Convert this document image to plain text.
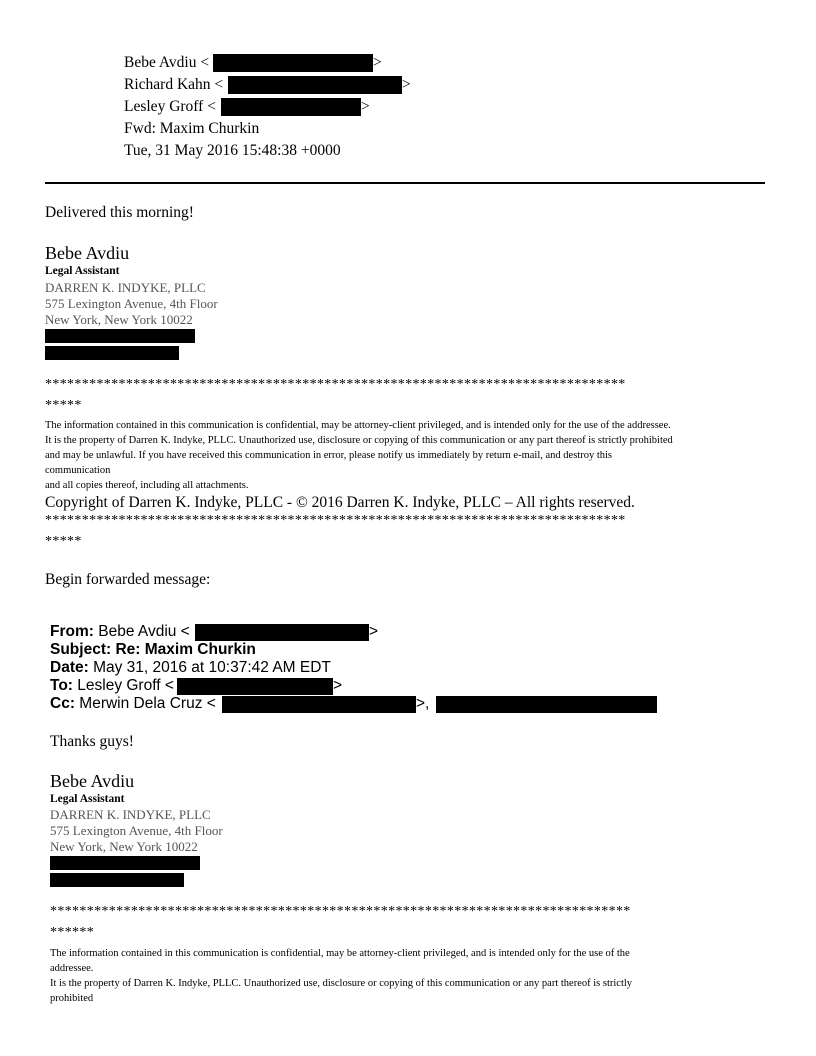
Bebe Avdiu <	>
Richard Kahn <	>
Lesley Groff <	>
Fwd: Maxim Churkin
Tue, 31 May 2016 15:48:38 +0000
Delivered this morning!
Bebe Avdiu
Legal Assistant
DARREN K. INDYKE, PLLC
575 Lexington Avenue, 4th Floor
New York, New York 10022
*******************************************************************************
*****
The information contained in this communication is confidential, may be attorney-client privileged, and is intended only for the use of the addressee.
It is the property of Darren K. Indyke, PLLC. Unauthorized use, disclosure or copying of this communication or any part thereof is strictly prohibited
and may be unlawful. If you have received this communication in error, please notify us immediately by return e-mail, and destroy this
communication
and all copies thereof, including all attachments.
Copyright of Darren K. Indyke, PLLC - © 2016 Darren K. Indyke, PLLC – All rights reserved.
*******************************************************************************
*****
Begin forwarded message:
From: Bebe Avdiu <	>
Subject: Re: Maxim Churkin
Date: May 31, 2016 at 10:37:42 AM EDT
To: Lesley Groff <	>
Cc: Merwin Dela Cruz <	>,
Thanks guys!
Bebe Avdiu
Legal Assistant
DARREN K. INDYKE, PLLC
575 Lexington Avenue, 4th Floor
New York, New York 10022
*******************************************************************************
******
The information contained in this communication is confidential, may be attorney-client privileged, and is intended only for the use of the
addressee.
It is the property of Darren K. Indyke, PLLC. Unauthorized use, disclosure or copying of this communication or any part thereof is strictly
prohibited
